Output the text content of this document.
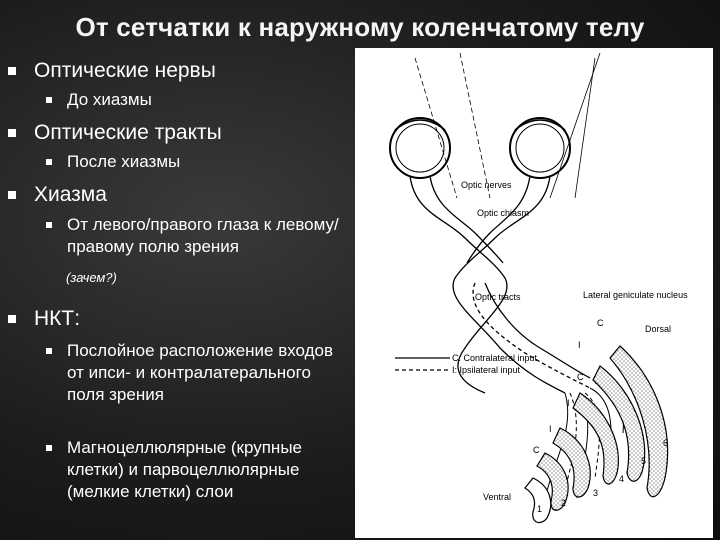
От сетчатки к наружному коленчатому телу
Оптические нервы
До хиазмы
Оптические тракты
После хиазмы
Хиазма
От левого/правого глаза к левому/правому полю зрения
(зачем?)
НКТ:
Послойное расположение входов от ипси- и контралатерального поля зрения
Магноцеллюлярные (крупные клетки) и парвоцеллюлярные (мелкие клетки) слои
Optic nerves
Optic chiasm
Optic tracts	Lateral geniculate nucleus
Dorsal
Ventral
C: Contralateral input
I: Ipsilateral input
C
I
C
I
I
C
1
2
3
4
5
6
